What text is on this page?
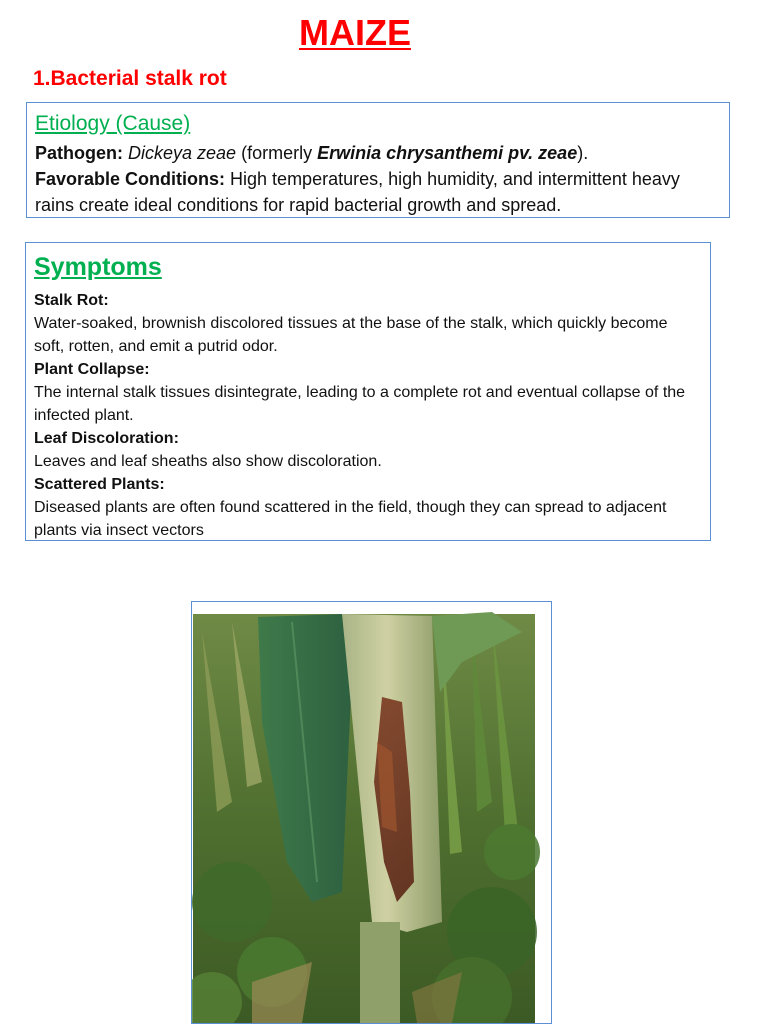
MAIZE
1.Bacterial stalk rot
Etiology (Cause)

Pathogen: Dickeya zeae (formerly Erwinia chrysanthemi pv. zeae).

Favorable Conditions: High temperatures, high humidity, and intermittent heavy rains create ideal conditions for rapid bacterial growth and spread.

Symptoms

Stalk Rot:

Water-soaked, brownish discolored tissues at the base of the stalk, which quickly become soft, rotten, and emit a putrid odor.

Plant Collapse:

The internal stalk tissues disintegrate, leading to a complete rot and eventual collapse of the infected plant.

Leaf Discoloration:

Leaves and leaf sheaths also show discoloration.

Scattered Plants:

Diseased plants are often found scattered in the field, though they can spread to adjacent plants via insect vectors
